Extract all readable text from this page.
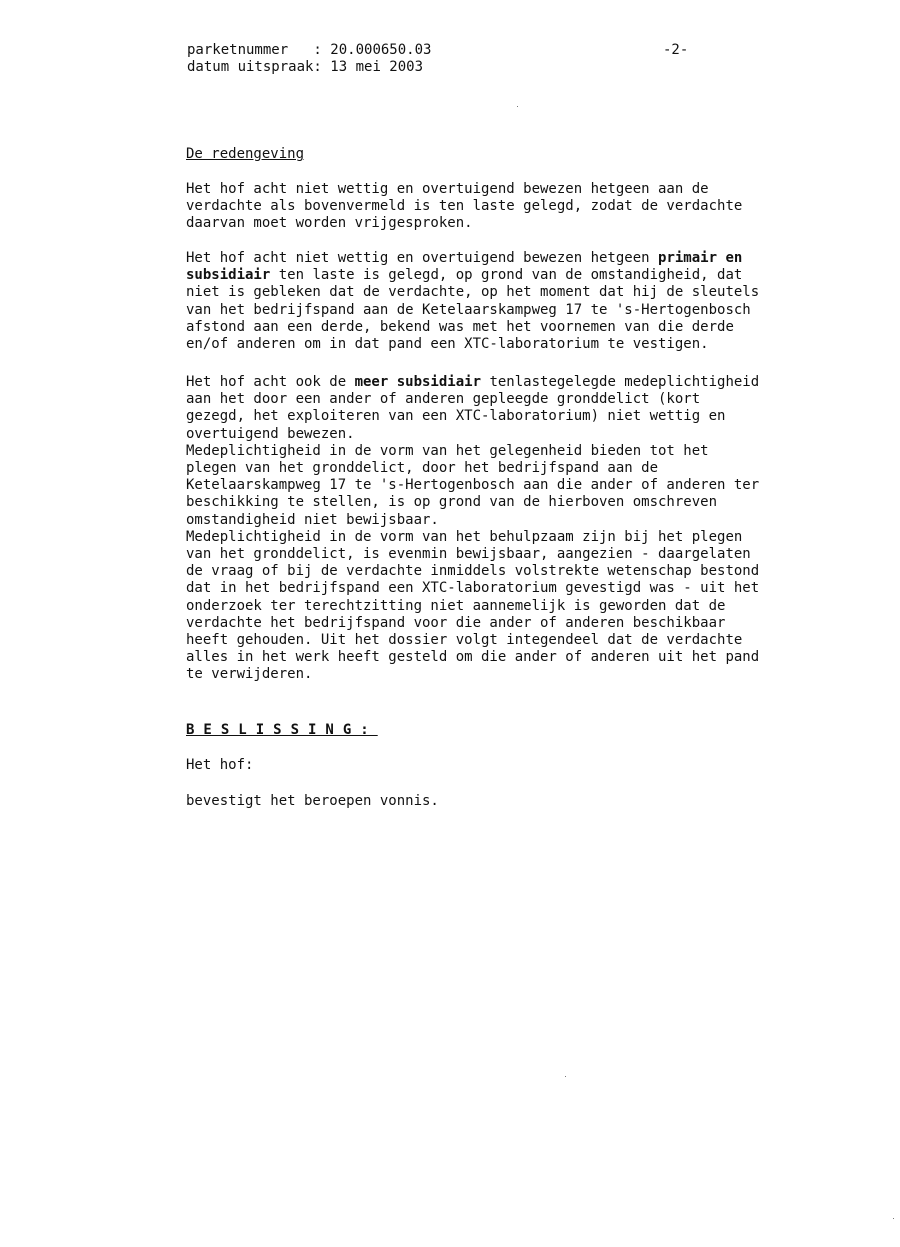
parketnummer   : 20.000650.03
datum uitspraak: 13 mei 2003
-2-
De redengeving
Het hof acht niet wettig en overtuigend bewezen hetgeen aan de
verdachte als bovenvermeld is ten laste gelegd, zodat de verdachte
daarvan moet worden vrijgesproken.
Het hof acht niet wettig en overtuigend bewezen hetgeen primair en
subsidiair ten laste is gelegd, op grond van de omstandigheid, dat
niet is gebleken dat de verdachte, op het moment dat hij de sleutels
van het bedrijfspand aan de Ketelaarskampweg 17 te 's-Hertogenbosch
afstond aan een derde, bekend was met het voornemen van die derde
en/of anderen om in dat pand een XTC-laboratorium te vestigen.
Het hof acht ook de meer subsidiair tenlastegelegde medeplichtigheid
aan het door een ander of anderen gepleegde gronddelict (kort
gezegd, het exploiteren van een XTC-laboratorium) niet wettig en
overtuigend bewezen.
Medeplichtigheid in de vorm van het gelegenheid bieden tot het
plegen van het gronddelict, door het bedrijfspand aan de
Ketelaarskampweg 17 te 's-Hertogenbosch aan die ander of anderen ter
beschikking te stellen, is op grond van de hierboven omschreven
omstandigheid niet bewijsbaar.
Medeplichtigheid in de vorm van het behulpzaam zijn bij het plegen
van het gronddelict, is evenmin bewijsbaar, aangezien - daargelaten
de vraag of bij de verdachte inmiddels volstrekte wetenschap bestond
dat in het bedrijfspand een XTC-laboratorium gevestigd was - uit het
onderzoek ter terechtzitting niet aannemelijk is geworden dat de
verdachte het bedrijfspand voor die ander of anderen beschikbaar
heeft gehouden. Uit het dossier volgt integendeel dat de verdachte
alles in het werk heeft gesteld om die ander of anderen uit het pand
te verwijderen.
BESLISSING:
Het hof:
bevestigt het beroepen vonnis.
